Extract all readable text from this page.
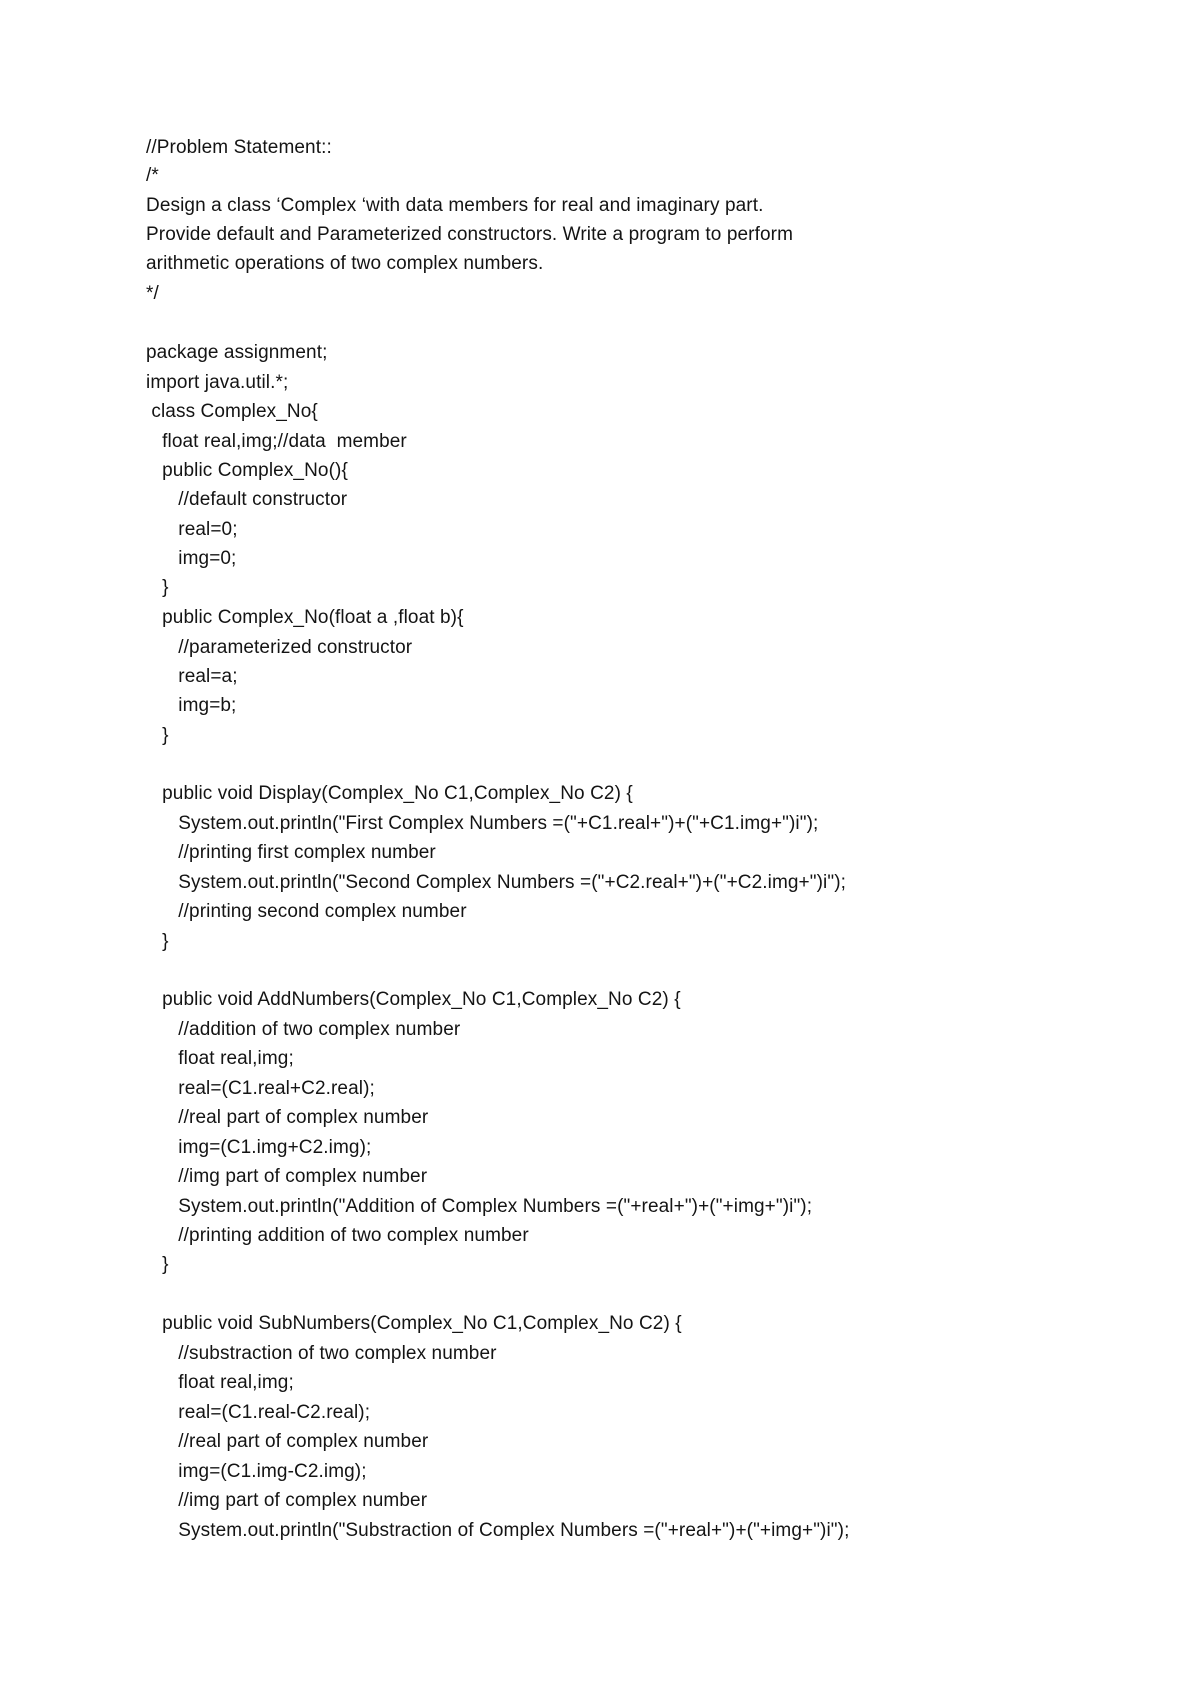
//Problem Statement::
/*
Design a class ‘Complex ‘with data members for real and imaginary part.
Provide default and Parameterized constructors. Write a program to perform
arithmetic operations of two complex numbers.
*/
package assignment;
import java.util.*;
class Complex_No{
float real,img;//data  member
public Complex_No(){
//default constructor
real=0;
img=0;
}
public Complex_No(float a ,float b){
//parameterized constructor
real=a;
img=b;
}
public void Display(Complex_No C1,Complex_No C2) {
System.out.println("First Complex Numbers =("+C1.real+")+("+C1.img+")i");
//printing first complex number
System.out.println("Second Complex Numbers =("+C2.real+")+("+C2.img+")i");
//printing second complex number
}
public void AddNumbers(Complex_No C1,Complex_No C2) {
//addition of two complex number
float real,img;
real=(C1.real+C2.real);
//real part of complex number
img=(C1.img+C2.img);
//img part of complex number
System.out.println("Addition of Complex Numbers =("+real+")+("+img+")i");
//printing addition of two complex number
}
public void SubNumbers(Complex_No C1,Complex_No C2) {
//substraction of two complex number
float real,img;
real=(C1.real-C2.real);
//real part of complex number
img=(C1.img-C2.img);
//img part of complex number
System.out.println("Substraction of Complex Numbers =("+real+")+("+img+")i");
